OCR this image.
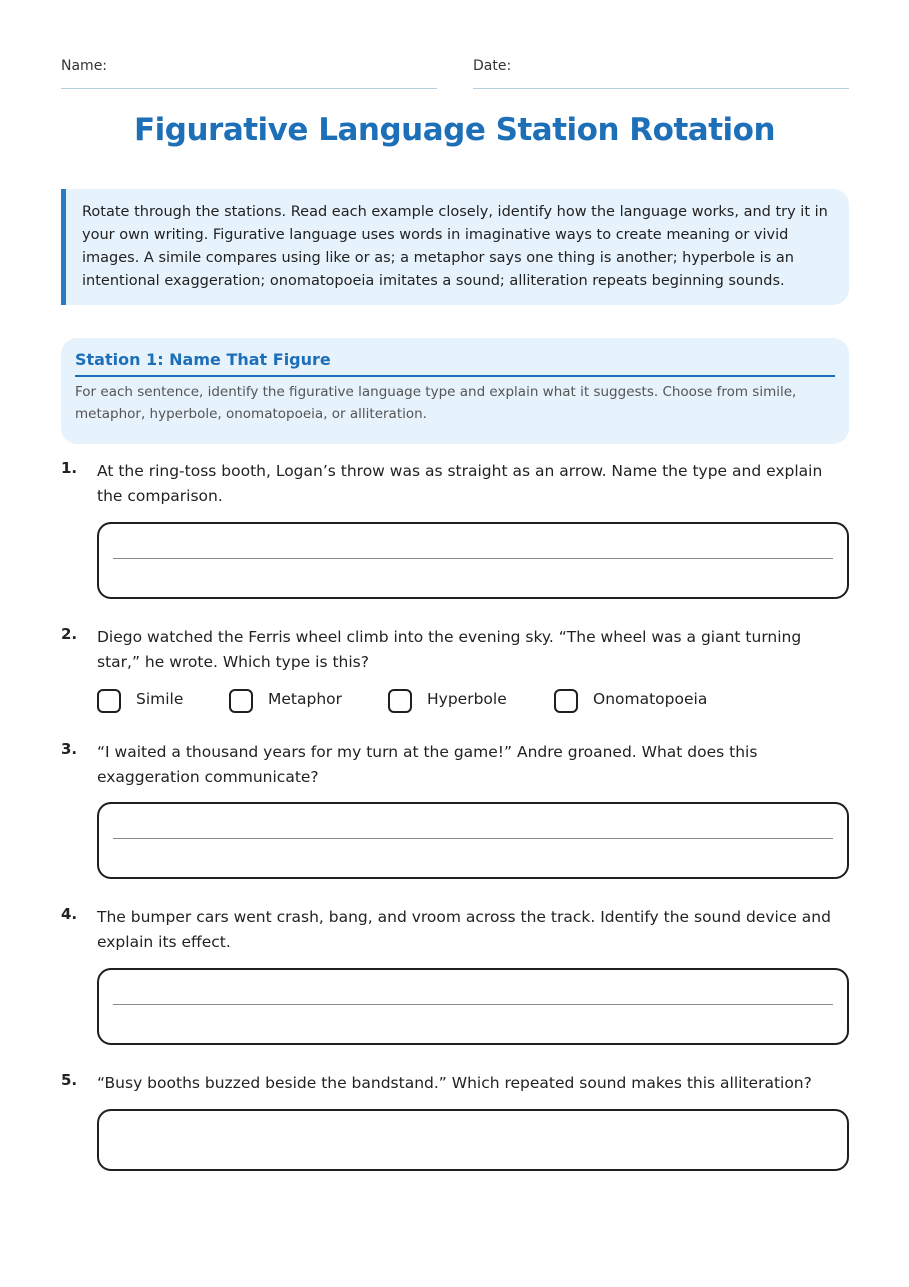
Name:	Date:
Figurative Language Station Rotation
Rotate through the stations. Read each example closely, identify how the language works, and try it in your own writing. Figurative language uses words in imaginative ways to create meaning or vivid images. A simile compares using like or as; a metaphor says one thing is another; hyperbole is an intentional exaggeration; onomatopoeia imitates a sound; alliteration repeats beginning sounds.
Station 1: Name That Figure
For each sentence, identify the figurative language type and explain what it suggests. Choose from simile, metaphor, hyperbole, onomatopoeia, or alliteration.
1. At the ring-toss booth, Logan’s throw was as straight as an arrow. Name the type and explain the comparison.
2. Diego watched the Ferris wheel climb into the evening sky. “The wheel was a giant turning star,” he wrote. Which type is this?
Simile	Metaphor	Hyperbole	Onomatopoeia
3. “I waited a thousand years for my turn at the game!” Andre groaned. What does this exaggeration communicate?
4. The bumper cars went crash, bang, and vroom across the track. Identify the sound device and explain its effect.
5. “Busy booths buzzed beside the bandstand.” Which repeated sound makes this alliteration?
